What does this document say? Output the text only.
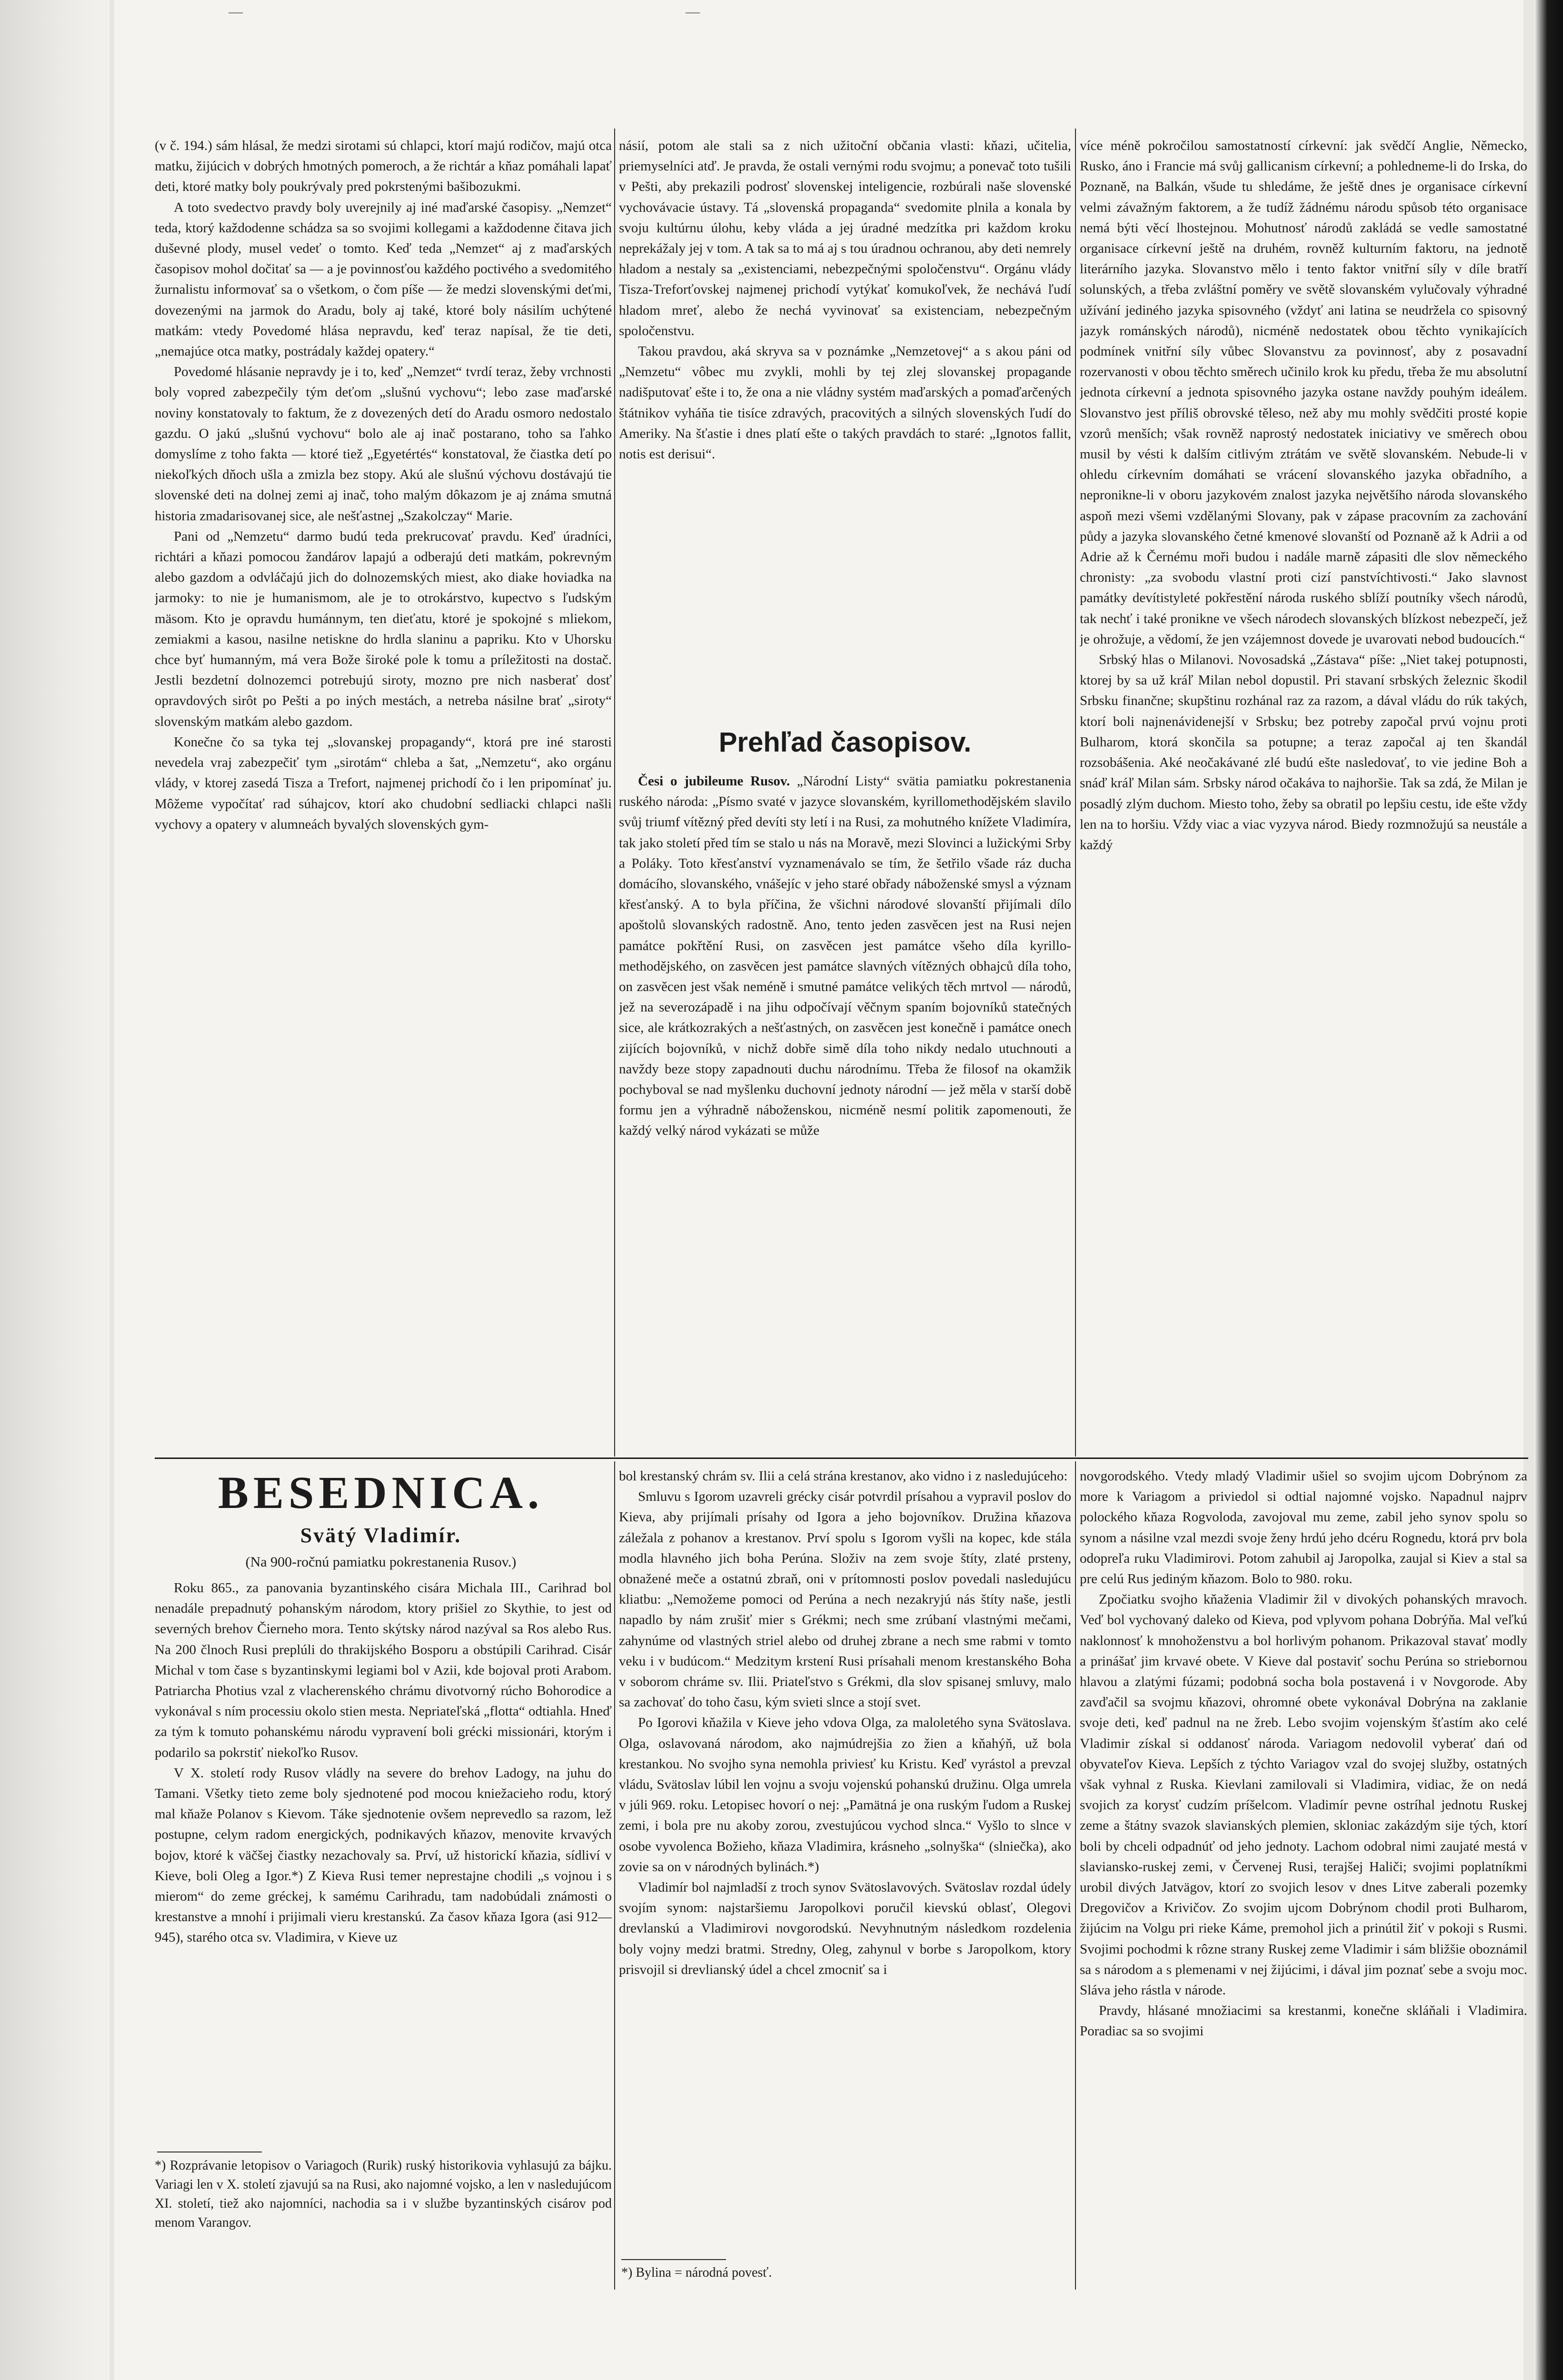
(v č. 194.) sám hlásal, že medzi sirotami sú chlapci, ktorí majú rodičov, majú otca matku, žijúcich v dobrých hmotných pomeroch, a že richtár a kňaz pomáhali lapať deti, ktoré matky boly poukrývaly pred pokrstenými bašibozukmi.

A toto svedectvo pravdy boly uverejnily aj iné maďarské časopisy. „Nemzet“ teda, ktorý každodenne schádza sa so svojimi kollegami a každodenne čitava jich duševné plody, musel vedeť o tomto. Keď teda „Nemzet“ aj z maďarských časopisov mohol dočitať sa — a je povinnosťou každého poctivého a svedomitého žurnalistu informovať sa o všetkom, o čom píše — že medzi slovenskými deťmi, dovezenými na jarmok do Aradu, boly aj také, ktoré boly násilím uchýtené matkám: vtedy Povedomé hlása nepravdu, keď teraz napísal, že tie deti, „nemajúce otca matky, postrádaly každej opatery.“

Povedomé hlásanie nepravdy je i to, keď „Nemzet“ tvrdí teraz, žeby vrchnosti boly vopred zabezpečily tým deťom „slušnú vychovu“; lebo zase maďarské noviny konstatovaly to faktum, že z dovezených detí do Aradu osmoro nedostalo gazdu. O jakú „slušnú vychovu“ bolo ale aj inač postarano, toho sa ľahko domyslíme z toho fakta — ktoré tiež „Egyetértés“ konstatoval, že čiastka detí po niekoľkých dňoch ušla a zmizla bez stopy. Akú ale slušnú výchovu dostávajú tie slovenské deti na dolnej zemi aj inač, toho malým dôkazom je aj známa smutná historia zmadarisovanej sice, ale nešťastnej „Szakolczay“ Marie.

Pani od „Nemzetu“ darmo budú teda prekrucovať pravdu. Keď úradníci, richtári a kňazi pomocou žandárov lapajú a odberajú deti matkám, pokrevným alebo gazdom a odvláčajú jich do dolnozemských miest, ako diake hoviadka na jarmoky: to nie je humanismom, ale je to otrokárstvo, kupectvo s ľudským mäsom. Kto je opravdu humánnym, ten dieťatu, ktoré je spokojné s mliekom, zemiakmi a kasou, nasilne netiskne do hrdla slaninu a papriku. Kto v Uhorsku chce byť humanným, má vera Bože široké pole k tomu a príležitosti na dostač. Jestli bezdetní dolnozemci potrebujú siroty, mozno pre nich nasberať dosť opravdových sirôt po Pešti a po iných mestách, a netreba násilne brať „siroty“ slovenským matkám alebo gazdom.

Konečne čo sa tyka tej „slovanskej propagandy“, ktorá pre iné starosti nevedela vraj zabezpečiť tym „sirotám“ chleba a šat, „Nemzetu“, ako orgánu vlády, v ktorej zasedá Tisza a Trefort, najmenej prichodí čo i len pripomínať ju. Môžeme vypočítať rad súhajcov, ktorí ako chudobní sedliacki chlapci našli vychovy a opatery v alumneách byvalých slovenských gym-

násií, potom ale stali sa z nich užitoční občania vlasti: kňazi, učitelia, priemyselníci atď. Je pravda, že ostali vernými rodu svojmu; a ponevač toto tušili v Pešti, aby prekazili podrosť slovenskej inteligencie, rozbúrali naše slovenské vychovávacie ústavy. Tá „slovenská propaganda“ svedomite plnila a konala by svoju kultúrnu úlohu, keby vláda a jej úradné medzítka pri každom kroku neprekážaly jej v tom. A tak sa to má aj s tou úradnou ochranou, aby deti nemrely hladom a nestaly sa „existenciami, nebezpečnými spoločenstvu“. Orgánu vlády Tisza-Treforťovskej najmenej prichodí vytýkať komukoľvek, že nechává ľudí hladom mreť, alebo že nechá vyvinovať sa existenciam, nebezpečným spoločenstvu.

Takou pravdou, aká skryva sa v poznámke „Nemzetovej“ a s akou páni od „Nemzetu“ vôbec mu zvykli, mohli by tej zlej slovanskej propagande nadišputovať ešte i to, že ona a nie vládny systém maďarských a pomaďarčených štátnikov vyháňa tie tisíce zdravých, pracovitých a silných slovenských ľudí do Ameriky. Na šťastie i dnes platí ešte o takých pravdách to staré: „Ignotos fallit, notis est derisui“.

Prehľad časopisov.

Česi o jubileume Rusov. „Národní Listy“ svätia pamiatku pokrestanenia ruského národa: „Písmo svaté v jazyce slovanském, kyrillomethodějském slavilo svůj triumf vítězný před devíti sty letí i na Rusi, za mohutného knížete Vladimíra, tak jako století před tím se stalo u nás na Moravě, mezi Slovinci a lužickými Srby a Poláky. Toto křesťanství vyznamenávalo se tím, že šetřilo všade ráz ducha domácího, slovanského, vnášejíc v jeho staré obřady náboženské smysl a význam křesťanský. A to byla příčina, že všichni národové slovanští přijímali dílo apoštolů slovanských radostně. Ano, tento jeden zasvěcen jest na Rusi nejen památce pokřtění Rusi, on zasvěcen jest památce všeho díla kyrillo-methodějského, on zasvěcen jest památce slavných vítězných obhajců díla toho, on zasvěcen jest však neméně i smutné památce velikých těch mrtvol — národů, jež na severozápadě i na jihu odpočívají věčnym spaním bojovníků statečných sice, ale krátkozrakých a nešťastných, on zasvěcen jest konečně i památce onech zijících bojovníků, v nichž dobře simě díla toho nikdy nedalo utuchnouti a navždy beze stopy zapadnouti duchu národnímu. Třeba že filosof na okamžik pochyboval se nad myšlenku duchovní jednoty národní — jež měla v starší době formu jen a výhradně náboženskou, nicméně nesmí politik zapomenouti, že každý velký národ vykázati se může

více méně pokročilou samostatností církevní: jak svědčí Anglie, Německo, Rusko, áno i Francie má svůj gallicanism církevní; a pohledneme-li do Irska, do Poznaně, na Balkán, všude tu shledáme, že ještě dnes je organisace církevní velmi závažným faktorem, a že tudíž žádnému národu spůsob této organisace nemá býti věcí lhostejnou. Mohutnosť národů zakládá se vedle samostatné organisace církevní ještě na druhém, rovněž kulturním faktoru, na jednotě literárního jazyka. Slovanstvo mělo i tento faktor vnitřní síly v díle bratří solunských, a třeba zvláštní poměry ve světě slovanském vylučovaly výhradné užívání jediného jazyka spisovného (vždyť ani latina se neudržela co spisovný jazyk románských národů), nicméně nedostatek obou těchto vynikajících podmínek vnitřní síly vůbec Slovanstvu za povinnosť, aby z posavadní rozervanosti v obou těchto směrech učinilo krok ku předu, třeba že mu absolutní jednota církevní a jednota spisovného jazyka ostane navždy pouhým ideálem. Slovanstvo jest příliš obrovské těleso, než aby mu mohly svědčiti prosté kopie vzorů menších; však rovněž naprostý nedostatek iniciativy ve směrech obou musil by vésti k dalším citlivým ztrátám ve světě slovanském. Nebude-li v ohledu církevním domáhati se vrácení slovanského jazyka obřadního, a nepronikne-li v oboru jazykovém znalost jazyka největšího národa slovanského aspoň mezi všemi vzdělanými Slovany, pak v zápase pracovním za zachování půdy a jazyka slovanského četné kmenové slovanští od Poznaně až k Adrii a od Adrie až k Černému moři budou i nadále marně zápasiti dle slov německého chronisty: „za svobodu vlastní proti cizí panstvíchtivosti.“ Jakо slavnost památky devítistyleté pokřestění národa ruského sblíží poutníky všech národů, tak nechť i také proniknе ve všech národech slovanských blízkost nebezpečí, jež je ohrožuje, a vědomí, že jen vzájemnost dovede je uvarovati nebod budoucích.“

Srbský hlas o Milanovi. Novosadská „Zástava“ píše: „Niet takej potupnosti, ktorej by sa už kráľ Milan nebol dopustil. Pri stavaní srbských železnic škodil Srbsku finančne; skupštinu rozhánal raz za razom, a dával vládu do rúk takých, ktorí boli najnenávidenejší v Srbsku; bez potreby započal prvú vojnu proti Bulharom, ktorá skončila sa potupne; a teraz započal aj ten škandál rozsobášenia. Aké neočakávané zlé budú ešte nasledovať, to vie jedine Boh a snáď kráľ Milan sám. Srbsky národ očakáva to najhoršie. Tak sa zdá, že Milan je posadlý zlým duchom. Miesto toho, žeby sa obratil po lepšiu cestu, ide ešte vždy len na to horšiu. Vždy viac a viac vyzyva národ. Biedy rozmnožujú sa neustále a každý

BESEDNICA.
Svätý Vladimír.
(Na 900-ročnú pamiatku pokrestanenia Rusov.)

Roku 865., za panovania byzantinského cisára Michala III., Carihrad bol nenadále prepadnutý pohanským národom, ktory prišiel zo Skythie, to jest od severných brehov Čierneho mora. Tento skýtsky národ nazýval sa Ros alebo Rus. Na 200 člnoch Rusi preplúli do thrakijského Bosporu a obstúpili Carihrad. Cisár Michal v tom čase s byzantinskymi legiami bol v Azii, kde bojoval proti Arabom. Patriarcha Photius vzal z vlacherenského chrámu divotvorný rúcho Bohorodice a vykonával s ním processiu okolo stien mesta. Nepriateľská „flotta“ odtiahla. Hneď za tým k tomuto pohanskému národu vypravení boli grécki missionári, ktorým i podarilo sa pokrstiť niekoľko Rusov.

V X. století rody Rusov vládly na severe do brehov Ladogy, na juhu do Tamani. Všetky tieto zeme boly sjednotené pod mocou kniežacieho rodu, ktorý mal kňaže Polanov s Kievom. Táke sjednotenie ovšem neprevedlo sa razom, lež postupne, celym radom energických, podnikavých kňazov, menovite krvavých bojov, ktoré k väčšej čiastky nezachovaly sa. Prví, už historickí kňazia, sídliví v Kieve, boli Oleg a Igor.*) Z Kieva Rusi temer neprestajne chodili „s vojnou i s mierom“ do zeme gréckej, k samému Carihradu, tam nadobúdali známosti o krestanstve a mnohí i prijimali vieru krestanskú. Za časov kňaza Igora (asi 912—945), starého otca sv. Vladimira, v Kieve uz

*) Rozprávanie letopisov o Variagoch (Rurik) ruský historikovia vyhlasujú za bájku. Variagi len v X. století zjavujú sa na Rusi, ako najomné vojsko, a len v nasledujúcom XI. století, tiež ako najomníci, nachodia sa i v službe byzantinských cisárov pod menom Varangov.

bol krestanský chrám sv. Ilii a celá strána krestanov, ako vidno i z nasledujúceho:

Smluvu s Igorom uzavreli grécky cisár potvrdil prísahou a vypravil poslov do Kieva, aby prijímali prísahy od Igora a jeho bojovníkov. Družina kňazova záležala z pohanov a krestanov. Prví spolu s Igorom vyšli na kopec, kde stála modla hlavného jich boha Perúna. Složiv na zem svoje štíty, zlaté prsteny, obnažené meče a ostatnú zbraň, oni v prítomnosti poslov povedali nasledujúcu kliatbu: „Nemožeme pomoci od Perúna a nech nezakryjú nás štíty naše, jestli napadlo by nám zrušiť mier s Grékmi; nech sme zrúbaní vlastnými mečami, zahynúme od vlastných striel alebo od druhej zbrane a nech sme rabmi v tomto veku i v budúcom.“ Medzitym krstení Rusi prísahali menom krestanského Boha v soborom chráme sv. Ilii. Priateľstvo s Grékmi, dla slov spisanej smluvy, malo sa zachovať do toho času, kým svieti slnce a stojí svet.

Po Igorovi kňažila v Kieve jeho vdova Olga, za maloletého syna Svätoslava. Olga, oslavovaná národom, ako najmúdrejšia zo žien a kňahýň, už bola krestankou. No svojho syna nemohla priviesť ku Kristu. Keď vyrástol a prevzal vládu, Svätoslav lúbil len vojnu a svoju vojenskú pohanskú družinu. Olga umrela v júli 969. roku. Letopisec hovorí o nej: „Pamätná je ona ruským ľudom a Ruskej zemi, i bola pre nu akoby zorou, zvestujúcou vychod slnca.“ Vyšlo to slnce v osobe vyvolenca Božieho, kňaza Vladimira, krásneho „solnyška“ (slniečka), ako zovie sa on v národných bylinách.*)

Vladimír bol najmladší z troch synov Svätoslavových. Svätoslav rozdal údely svojím synom: najstaršiemu Jaropolkovi poručil kievskú oblasť, Olegovi drevlanskú a Vladimirovi novgorodskú. Nevyhnutným následkom rozdelenia boly vojny medzi bratmi. Stredny, Oleg, zahynul v borbe s Jaropolkom, ktory prisvojil si drevlianský údel a chcel zmocniť sa i

*) Bylina = národná povesť.

novgorodského. Vtedy mladý Vladimir ušiel so svojim ujcom Dobrýnom za more k Variagom a priviedol si odtial najomné vojsko. Napadnul najprv polockého kňaza Rogvoloda, zavojoval mu zeme, zabil jeho synov spolu so synom a násilne vzal mezdi svoje ženy hrdú jeho dcéru Rognedu, ktorá prv bola odopreľa ruku Vladimirovi. Potom zahubil aj Jaropolka, zaujal si Kiev a stal sa pre celú Rus jediným kňazom. Bolo to 980. roku.

Zpočiatku svojho kňaženia Vladimir žil v divokých pohanských mravoch. Veď bol vychovaný daleko od Kieva, pod vplyvom pohana Dobrýňa. Mal veľkú naklonnosť k mnohoženstvu a bol horlivým pohanom. Prikazoval stavať modly a prinášať jim krvavé obete. V Kieve dal postaviť sochu Perúna so striebornou hlavou a zlatými fúzami; podobná socha bola postavená i v Novgorode. Aby zavďačil sa svojmu kňazovi, ohromné obete vykonával Dobrýna na zaklanie svoje deti, keď padnul na ne žreb. Lebo svojim vojenským šťastím ako celé Vladimir získal si oddanosť národa. Variagom nedovolil vyberať dań od obyvateľov Kieva. Lepších z týchto Variagov vzal do svojej služby, ostatných však vyhnal z Ruska. Kievlani zamilovali si Vladimira, vidiac, že on nedá svojich za korysť cudzím príšelcom. Vladimír pevne ostríhal jednotu Ruskej zeme a štátny svazok slavianských plemien, skloniac zakázdým sije tých, ktorí boli by chceli odpadnúť od jeho jednoty. Lachom odobral nimi zaujaté mestá v slavianskо-ruskej zemi, v Červenej Rusi, terajšej Haliči; svojimi poplatníkmi urobil divých Jatvägov, ktorí zo svojich lesov v dnes Litve zaberali pozemky Dregovičov a Krivičov. Zo svojim ujcom Dobrýnom chodil proti Bulharom, žijúcim na Volgu pri rieke Káme, premohol jich a prinútil žiť v pokoji s Rusmi. Svojimi pochodmi k rôzne strany Ruskej zeme Vladimir i sám bližšie oboznámil sa s národom a s plemenami v nej žijúcimi, i dával jim poznať sebe a svoju moc. Sláva jeho rástla v národe.

Pravdy, hlásané množiacimi sa krestanmi, konečne skláňali i Vladimira. Poradiac sa so svojimi

—	—
